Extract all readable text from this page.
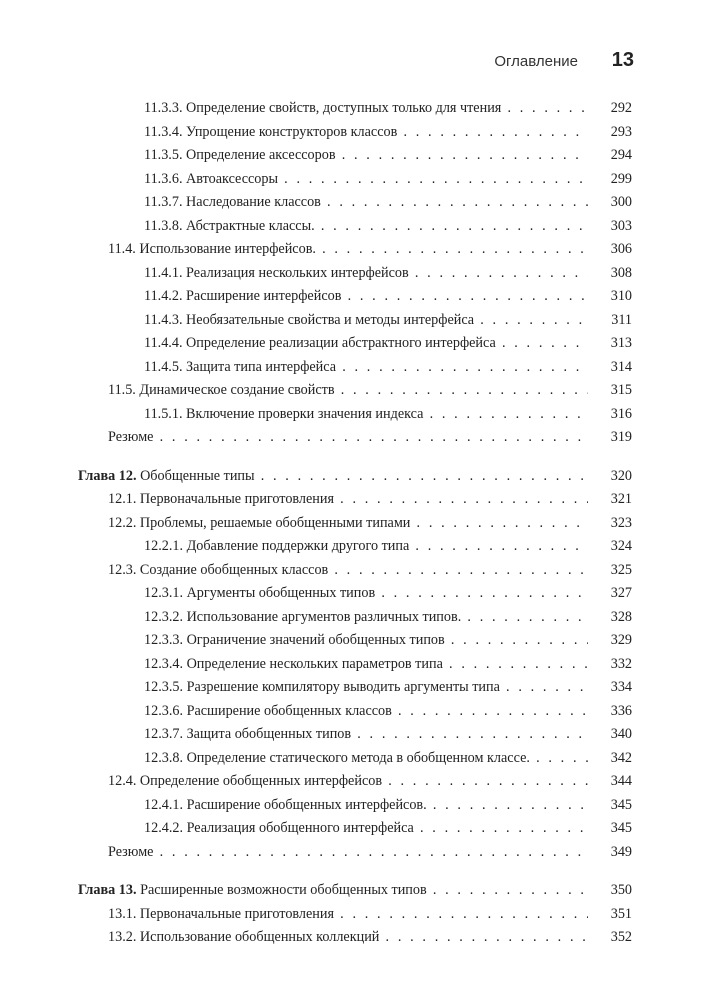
Оглавление 13
11.3.3. Определение свойств, доступных только для чтения . . .	292
11.3.4. Упрощение конструкторов классов . . .	293
11.3.5. Определение аксессоров . . .	294
11.3.6. Автоаксессоры . . .	299
11.3.7. Наследование классов . . .	300
11.3.8. Абстрактные классы. . . .	303
11.4. Использование интерфейсов. . . .	306
11.4.1. Реализация нескольких интерфейсов . . .	308
11.4.2. Расширение интерфейсов . . .	310
11.4.3. Необязательные свойства и методы интерфейса . . .	311
11.4.4. Определение реализации абстрактного интерфейса . . .	313
11.4.5. Защита типа интерфейса . . .	314
11.5. Динамическое создание свойств . . .	315
11.5.1. Включение проверки значения индекса . . .	316
Резюме . . .	319
Глава 12. Обобщенные типы . . .	320
12.1. Первоначальные приготовления . . .	321
12.2. Проблемы, решаемые обобщенными типами . . .	323
12.2.1. Добавление поддержки другого типа . . .	324
12.3. Создание обобщенных классов . . .	325
12.3.1. Аргументы обобщенных типов . . .	327
12.3.2. Использование аргументов различных типов. . . .	328
12.3.3. Ограничение значений обобщенных типов . . .	329
12.3.4. Определение нескольких параметров типа . . .	332
12.3.5. Разрешение компилятору выводить аргументы типа . . .	334
12.3.6. Расширение обобщенных классов . . .	336
12.3.7. Защита обобщенных типов . . .	340
12.3.8. Определение статического метода в обобщенном классе. . . .	342
12.4. Определение обобщенных интерфейсов . . .	344
12.4.1. Расширение обобщенных интерфейсов. . . .	345
12.4.2. Реализация обобщенного интерфейса . . .	345
Резюме . . .	349
Глава 13. Расширенные возможности обобщенных типов . . .	350
13.1. Первоначальные приготовления . . .	351
13.2. Использование обобщенных коллекций . . .	352
